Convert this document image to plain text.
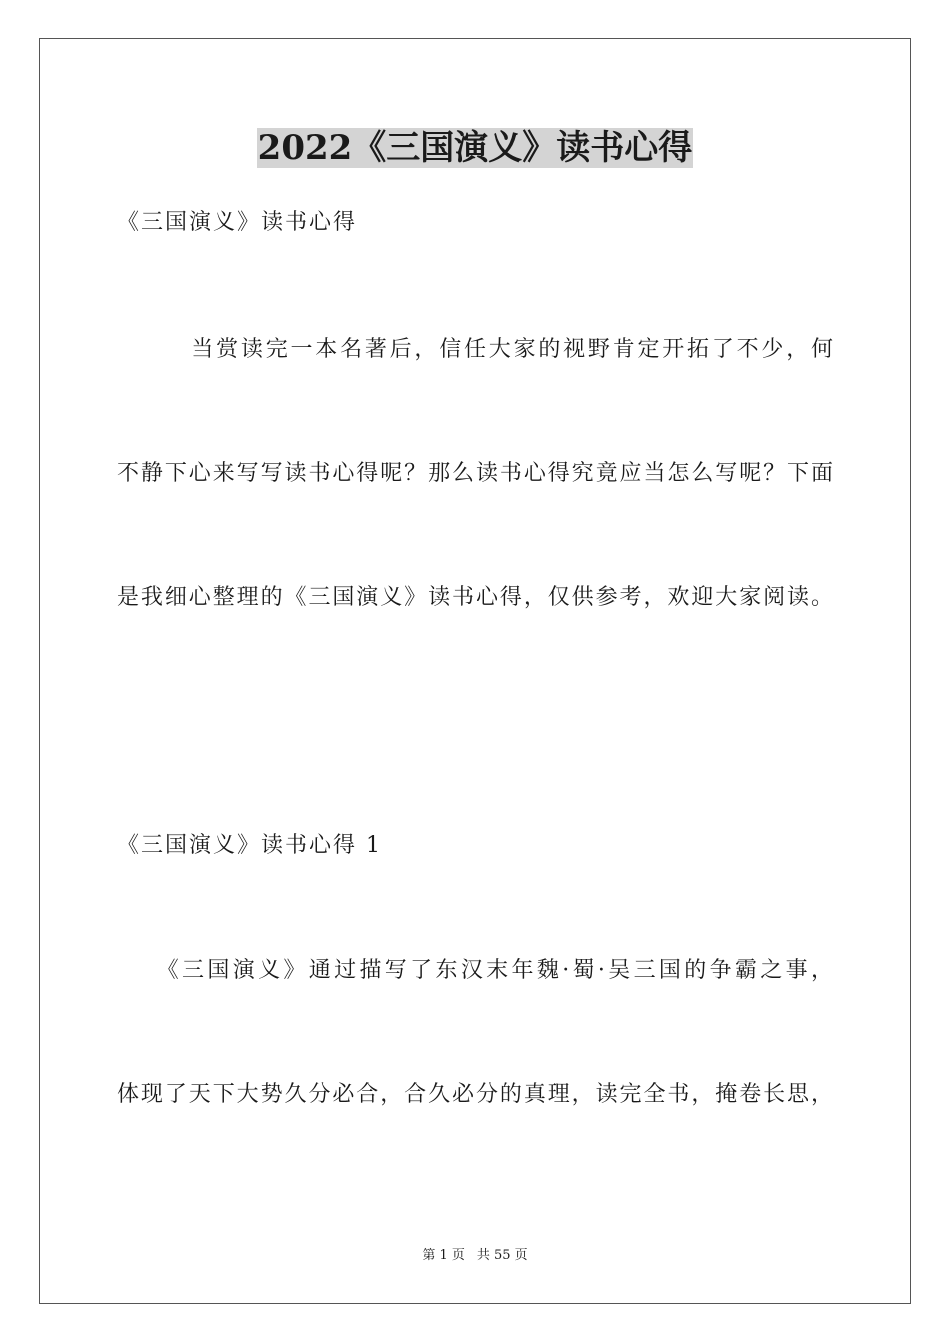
2022《三国演义》读书心得
《三国演义》读书心得
　　　当赏读完一本名著后，信任大家的视野肯定开拓了不少，何
不静下心来写写读书心得呢？那么读书心得究竟应当怎么写呢？下面
是我细心整理的《三国演义》读书心得，仅供参考，欢迎大家阅读。
《三国演义》读书心得 1
　　《三国演义》通过描写了东汉末年魏·蜀·吴三国的争霸之事，
体现了天下大势久分必合，合久必分的真理，读完全书，掩卷长思，
第 1 页 共 55 页
